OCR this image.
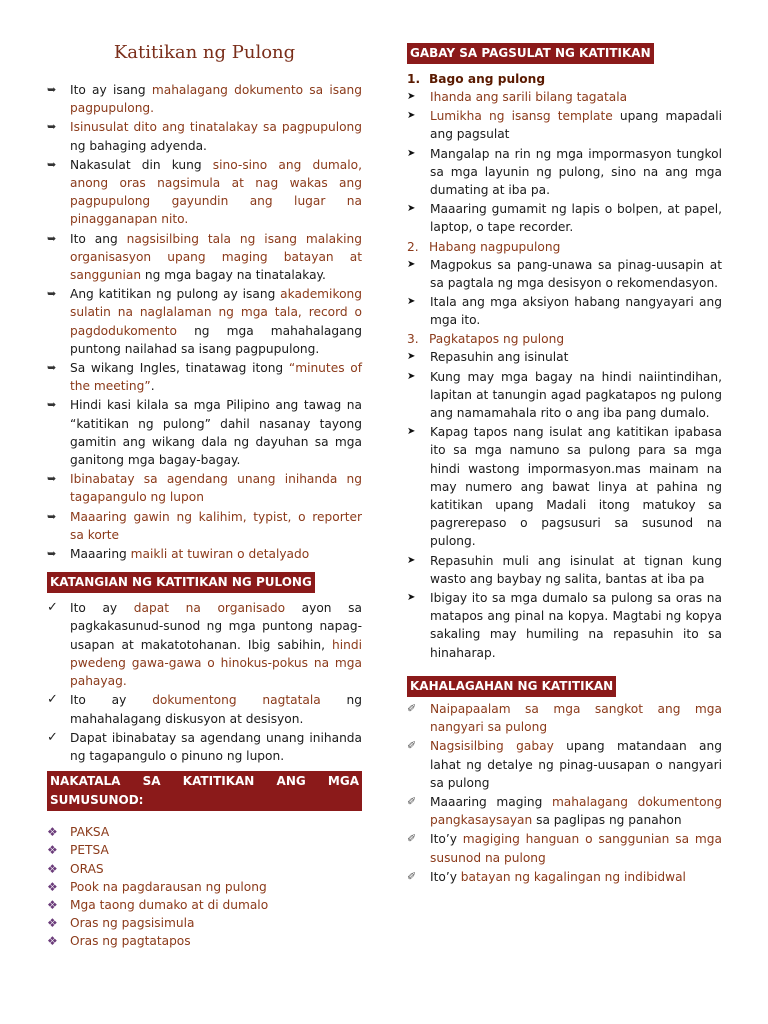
Katitikan ng Pulong
➥	Ito ay isang mahalagang dokumento sa isang pagpupulong.
➥	Isinusulat dito ang tinatalakay sa pagpupulong ng bahaging adyenda.
➥	Nakasulat din kung sino-sino ang dumalo, anong oras nagsimula at nag wakas ang pagpupulong gayundin ang lugar na pinagganapan nito.
➥	Ito ang nagsisilbing tala ng isang malaking organisasyon upang maging batayan at sanggunian ng mga bagay na tinatalakay.
➥	Ang katitikan ng pulong ay isang akademikong sulatin na naglalaman ng mga tala, record o pagdodukomento ng mga mahahalagang puntong nailahad sa isang pagpupulong.
➥	Sa wikang Ingles, tinatawag itong “minutes of the meeting”.
➥	Hindi kasi kilala sa mga Pilipino ang tawag na “katitikan ng pulong” dahil nasanay tayong gamitin ang wikang dala ng dayuhan sa mga ganitong mga bagay-bagay.
➥	Ibinabatay sa agendang unang inihanda ng tagapangulo ng lupon
➥	Maaaring gawin ng kalihim, typist, o reporter sa korte
➥	Maaaring maikli at tuwiran o detalyado
KATANGIAN NG KATITIKAN NG PULONG
✓ Ito ay dapat na organisado ayon sa pagkakasunud-sunod ng mga puntong napag-usapan at makatotohanan. Ibig sabihin, hindi pwedeng gawa-gawa o hinokus-pokus na mga pahayag.
✓ Ito ay dokumentong nagtatala ng mahahalagang diskusyon at desisyon.
✓ Dapat ibinabatay sa agendang unang inihanda ng tagapangulo o pinuno ng lupon.
NAKATALA SA KATITIKAN ANG MGA SUMUSUNOD:
❖	PAKSA
❖	PETSA
❖	ORAS
❖	Pook na pagdarausan ng pulong
❖	Mga taong dumako at di dumalo
❖	Oras ng pagsisimula
❖	Oras ng pagtatapos
GABAY SA PAGSULAT NG KATITIKAN
1. Bago ang pulong
➤	Ihanda ang sarili bilang tagatala
➤	Lumikha ng isansg template upang mapadali ang pagsulat
➤	Mangalap na rin ng mga impormasyon tungkol sa mga layunin ng pulong, sino na ang mga dumating at iba pa.
➤	Maaaring gumamit ng lapis o bolpen, at papel, laptop, o tape recorder.
2. Habang nagpupulong
➤	Magpokus sa pang-unawa sa pinag-uusapin at sa pagtala ng mga desisyon o rekomendasyon.
➤	Itala ang mga aksiyon habang nangyayari ang mga ito.
3. Pagkatapos ng pulong
➤	Repasuhin ang isinulat
➤	Kung may mga bagay na hindi naiintindihan, lapitan at tanungin agad pagkatapos ng pulong ang namamahala rito o ang iba pang dumalo.
➤	Kapag tapos nang isulat ang katitikan ipabasa ito sa mga namuno sa pulong para sa mga hindi wastong impormasyon.mas mainam na may numero ang bawat linya at pahina ng katitikan upang Madali itong matukoy sa pagrerepaso o pagsusuri sa susunod na pulong.
➤	Repasuhin muli ang isinulat at tignan kung wasto ang baybay ng salita, bantas at iba pa
➤	Ibigay ito sa mga dumalo sa pulong sa oras na matapos ang pinal na kopya. Magtabi ng kopya sakaling may humiling na repasuhin ito sa hinaharap.
KAHALAGAHAN NG KATITIKAN
✐	Naipapaalam sa mga sangkot ang mga nangyari sa pulong
✐	Nagsisilbing gabay upang matandaan ang lahat ng detalye ng pinag-uusapan o nangyari sa pulong
✐	Maaaring maging mahalagang dokumentong pangkasaysayan sa paglipas ng panahon
✐	Ito’y magiging hanguan o sanggunian sa mga susunod na pulong
✐	Ito’y batayan ng kagalingan ng indibidwal
